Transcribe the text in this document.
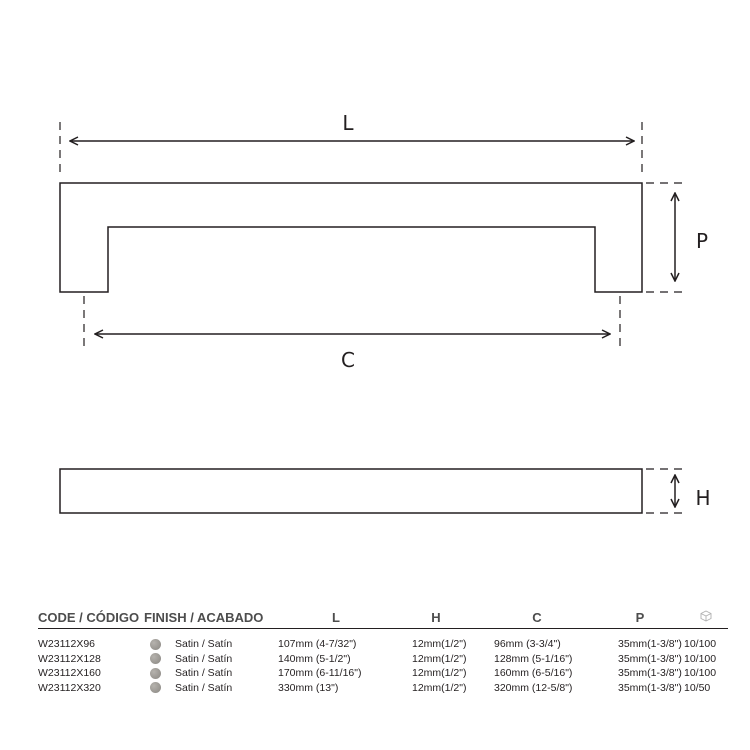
L
C
P
H
CODE / CÓDIGO	FINISH / ACABADO	L	H	C	P	
W23112X96	Satin / Satín	107mm (4-7/32")	12mm(1/2")	96mm (3-3/4")	35mm(1-3/8")	10/100
W23112X128	Satin / Satín	140mm (5-1/2")	12mm(1/2")	128mm (5-1/16")	35mm(1-3/8")	10/100
W23112X160	Satin / Satín	170mm (6-11/16")	12mm(1/2")	160mm (6-5/16")	35mm(1-3/8")	10/100
W23112X320	Satin / Satín	330mm (13")	12mm(1/2")	320mm (12-5/8")	35mm(1-3/8")	10/50
